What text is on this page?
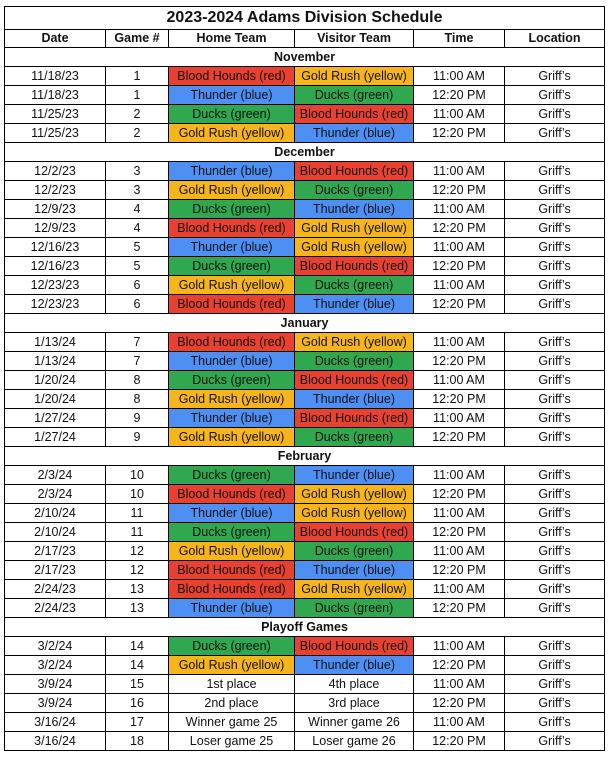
2023-2024 Adams Division Schedule					
Date	Game #	Home Team	Visitor Team	Time	Location
November					
11/18/23	1	Blood Hounds (red)	Gold Rush (yellow)	11:00 AM	Griff’s
11/18/23	1	Thunder (blue)	Ducks (green)	12:20 PM	Griff’s
11/25/23	2	Ducks (green)	Blood Hounds (red)	11:00 AM	Griff’s
11/25/23	2	Gold Rush (yellow)	Thunder (blue)	12:20 PM	Griff’s
December					
12/2/23	3	Thunder (blue)	Blood Hounds (red)	11:00 AM	Griff’s
12/2/23	3	Gold Rush (yellow)	Ducks (green)	12:20 PM	Griff’s
12/9/23	4	Ducks (green)	Thunder (blue)	11:00 AM	Griff’s
12/9/23	4	Blood Hounds (red)	Gold Rush (yellow)	12:20 PM	Griff’s
12/16/23	5	Thunder (blue)	Gold Rush (yellow)	11:00 AM	Griff’s
12/16/23	5	Ducks (green)	Blood Hounds (red)	12:20 PM	Griff’s
12/23/23	6	Gold Rush (yellow)	Ducks (green)	11:00 AM	Griff’s
12/23/23	6	Blood Hounds (red)	Thunder (blue)	12:20 PM	Griff’s
January					
1/13/24	7	Blood Hounds (red)	Gold Rush (yellow)	11:00 AM	Griff’s
1/13/24	7	Thunder (blue)	Ducks (green)	12:20 PM	Griff’s
1/20/24	8	Ducks (green)	Blood Hounds (red)	11:00 AM	Griff’s
1/20/24	8	Gold Rush (yellow)	Thunder (blue)	12:20 PM	Griff’s
1/27/24	9	Thunder (blue)	Blood Hounds (red)	11:00 AM	Griff’s
1/27/24	9	Gold Rush (yellow)	Ducks (green)	12:20 PM	Griff’s
February					
2/3/24	10	Ducks (green)	Thunder (blue)	11:00 AM	Griff’s
2/3/24	10	Blood Hounds (red)	Gold Rush (yellow)	12:20 PM	Griff’s
2/10/24	11	Thunder (blue)	Gold Rush (yellow)	11:00 AM	Griff’s
2/10/24	11	Ducks (green)	Blood Hounds (red)	12:20 PM	Griff’s
2/17/23	12	Gold Rush (yellow)	Ducks (green)	11:00 AM	Griff’s
2/17/23	12	Blood Hounds (red)	Thunder (blue)	12:20 PM	Griff’s
2/24/23	13	Blood Hounds (red)	Gold Rush (yellow)	11:00 AM	Griff’s
2/24/23	13	Thunder (blue)	Ducks (green)	12:20 PM	Griff’s
Playoff Games					
3/2/24	14	Ducks (green)	Blood Hounds (red)	11:00 AM	Griff’s
3/2/24	14	Gold Rush (yellow)	Thunder (blue)	12:20 PM	Griff’s
3/9/24	15	1st place	4th place	11:00 AM	Griff’s
3/9/24	16	2nd place	3rd place	12:20 PM	Griff’s
3/16/24	17	Winner game 25	Winner game 26	11:00 AM	Griff’s
3/16/24	18	Loser game 25	Loser game 26	12:20 PM	Griff’s
